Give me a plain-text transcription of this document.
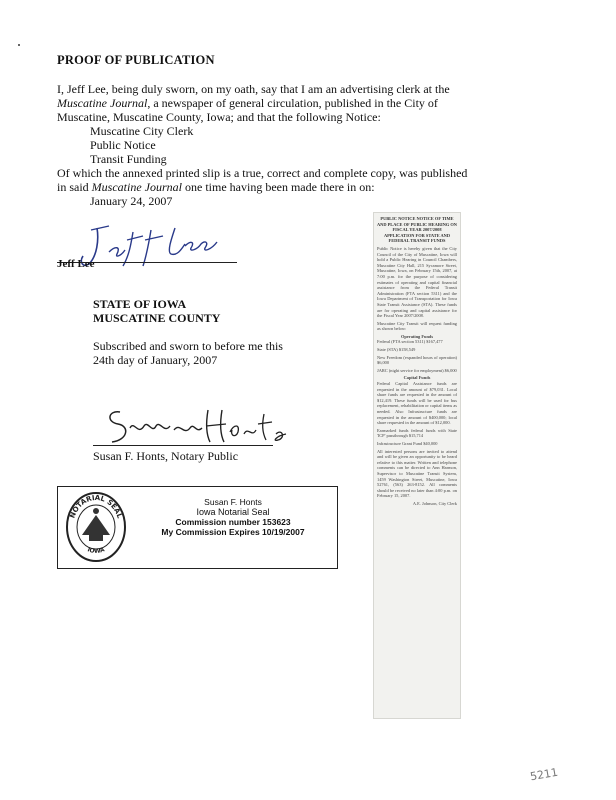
PROOF OF PUBLICATION
I, Jeff Lee, being duly sworn, on my oath, say that I am an advertising clerk at the
Muscatine Journal, a newspaper of general circulation, published in the City of
Muscatine, Muscatine County, Iowa; and that the following Notice:
Muscatine City Clerk
Public Notice
Transit Funding
Of which the annexed printed slip is a true, correct and complete copy, was published
in said Muscatine Journal one time having been made there in on:
January 24, 2007
Jeff Lee
STATE OF IOWA
MUSCATINE COUNTY
Subscribed and sworn to before me this
24th day of January, 2007
Susan F. Honts, Notary Public
NOTARIAL SEAL
IOWA
Susan F. Honts
Iowa Notarial Seal
Commission number 153623
My Commission Expires 10/19/2007
PUBLIC NOTICE NOTICE OF TIME AND PLACE OF PUBLIC HEARING ON FISCAL YEAR 2007/2008 APPLICATION FOR STATE AND FEDERAL TRANSIT FUNDS

Public Notice is hereby given that the City Council of the City of Muscatine, Iowa will hold a Public Hearing in Council Chambers, Muscatine City Hall, 215 Sycamore Street, Muscatine, Iowa, on February 15th, 2007, at 7:00 p.m. for the purpose of considering estimates of operating and capital financial assistance from the Federal Transit Administration (FTA section 5311) and the Iowa Department of Transportation for Iowa State Transit Assistance (STA). These funds are for operating and capital assistance for the Fiscal Year 2007/2008.

Muscatine City Transit will request funding as shown below:

Operating Funds

Federal (FTA section 5311) $167,477

State (STA) $158,549

New Freedom (expanded hours of operation) $6,000

JARC (night service for employment) $6,000

Capital Funds

Federal Capital Assistance funds are requested in the amount of $79,031. Local share funds are requested in the amount of $12,419. These funds will be used for bus replacement, rehabilitation or capital items as needed. Also Infrastructure funds are requested in the amount of $400,000; local share requested in the amount of $12,000.

Earmarked funds federal funds with State 'ICP' passthrough $15,714

Infrastructure Grant Fund $40,000

All interested persons are invited to attend and will be given an opportunity to be heard relative to this matter. Written and telephone comments can be directed to Ann Harmon, Supervisor to Muscatine Transit System, 1459 Washington Street, Muscatine, Iowa 52761, (563) 263-8152. All comments should be received no later than 4:00 p.m. on February 15, 2007.

A.E. Johnson, City Clerk
5211
